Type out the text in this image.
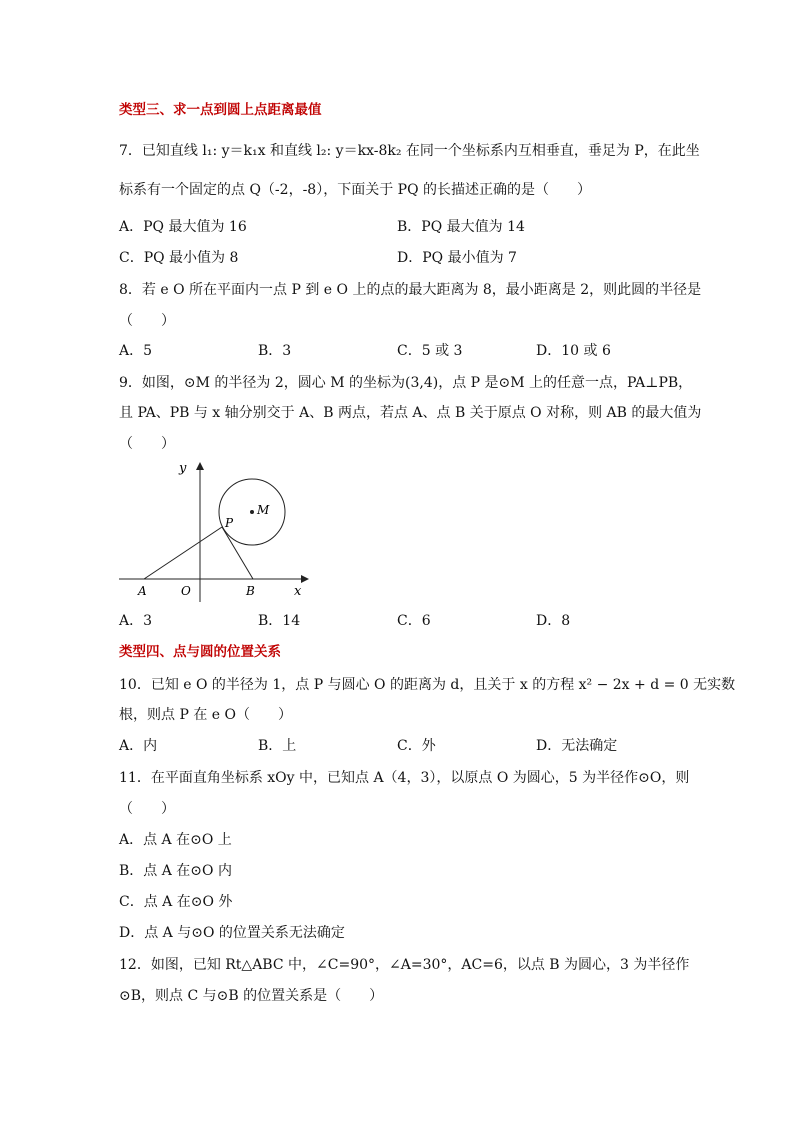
类型三、求一点到圆上点距离最值
7．已知直线 l₁: y＝k₁x 和直线 l₂: y＝kx-8k₂ 在同一个坐标系内互相垂直，垂足为 P，在此坐
标系有一个固定的点 Q（-2，-8），下面关于 PQ 的长描述正确的是（　　）
A．PQ 最大值为 16	B．PQ 最大值为 14
C．PQ 最小值为 8	D．PQ 最小值为 7
8．若 e O 所在平面内一点 P 到 e O 上的点的最大距离为 8，最小距离是 2，则此圆的半径是
（　　）
A．5	B．3	C．5 或 3	D．10 或 6
9．如图，⊙M 的半径为 2，圆心 M 的坐标为(3,4)，点 P 是⊙M 上的任意一点，PA⊥PB，
且 PA、PB 与 x 轴分别交于 A、B 两点，若点 A、点 B 关于原点 O 对称，则 AB 的最大值为
（　　）
y
x
O
A	B
P
M
A．3	B．14	C．6	D．8
类型四、点与圆的位置关系
10．已知 e O 的半径为 1，点 P 与圆心 O 的距离为 d，且关于 x 的方程 x² − 2x + d = 0 无实数
根，则点 P 在 e O（　　）
A．内	B．上	C．外	D．无法确定
11．在平面直角坐标系 xOy 中，已知点 A（4，3），以原点 O 为圆心，5 为半径作⊙O，则
（　　）
A．点 A 在⊙O 上
B．点 A 在⊙O 内
C．点 A 在⊙O 外
D．点 A 与⊙O 的位置关系无法确定
12．如图，已知 Rt△ABC 中，∠C=90°，∠A=30°，AC=6，以点 B 为圆心，3 为半径作
⊙B，则点 C 与⊙B 的位置关系是（　　）
